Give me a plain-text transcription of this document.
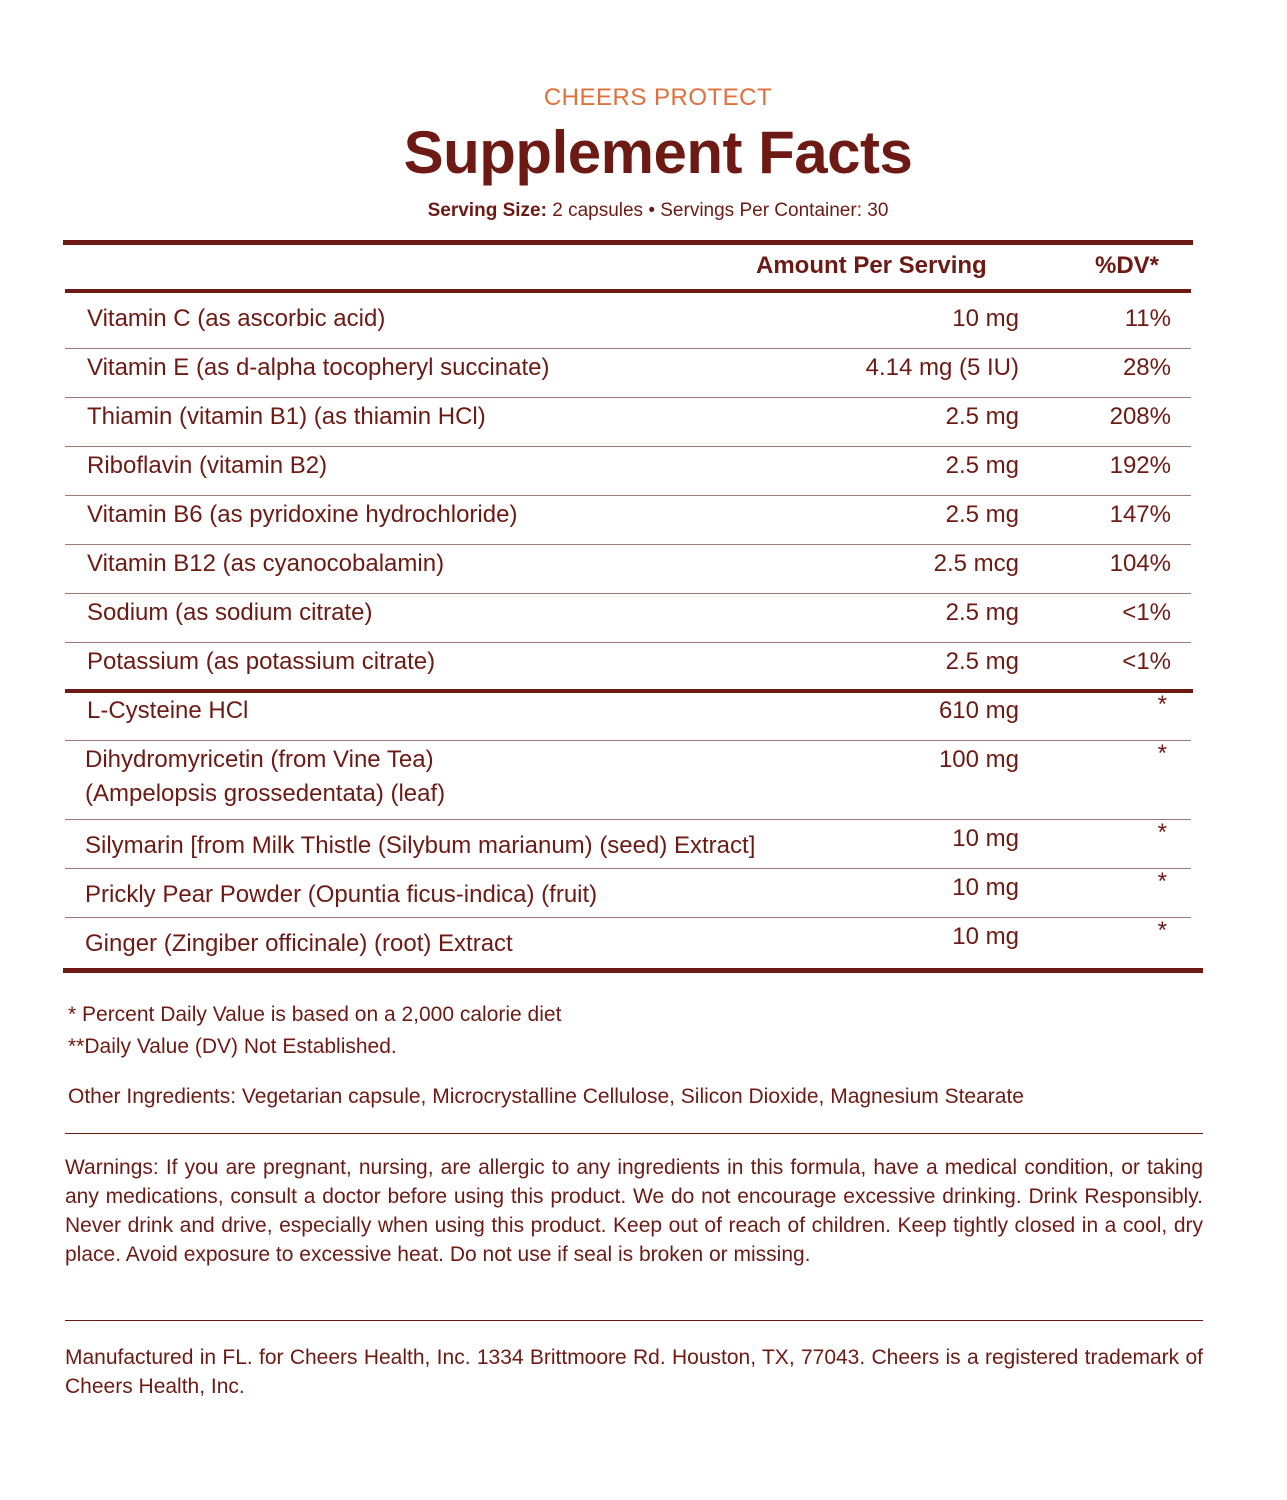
CHEERS PROTECT
Supplement Facts
Serving Size: 2 capsules • Servings Per Container: 30
Amount Per Serving	%DV*
Vitamin C (as ascorbic acid)	10 mg	11%
Vitamin E (as d-alpha tocopheryl succinate)	4.14 mg (5 IU)	28%
Thiamin (vitamin B1) (as thiamin HCl)	2.5 mg	208%
Riboflavin (vitamin B2)	2.5 mg	192%
Vitamin B6 (as pyridoxine hydrochloride)	2.5 mg	147%
Vitamin B12 (as cyanocobalamin)	2.5 mcg	104%
Sodium (as sodium citrate)	2.5 mg	<1%
Potassium (as potassium citrate)	2.5 mg	<1%
L-Cysteine HCl	610 mg	*
Dihydromyricetin (from Vine Tea)
(Ampelopsis grossedentata) (leaf)
100 mg	*
Silymarin [from Milk Thistle (Silybum marianum) (seed) Extract]	10 mg	*
Prickly Pear Powder (Opuntia ficus-indica) (fruit)	10 mg	*
Ginger (Zingiber officinale) (root) Extract	10 mg	*
* Percent Daily Value is based on a 2,000 calorie diet
**Daily Value (DV) Not Established.
Other Ingredients: Vegetarian capsule, Microcrystalline Cellulose, Silicon Dioxide, Magnesium Stearate
Warnings: If you are pregnant, nursing, are allergic to any ingredients in this formula, have a medical condition, or taking any medications, consult a doctor before using this product. We do not encourage excessive drinking. Drink Responsibly. Never drink and drive, especially when using this product. Keep out of reach of children. Keep tightly closed in a cool, dry place. Avoid exposure to excessive heat. Do not use if seal is broken or missing.
Manufactured in FL. for Cheers Health, Inc. 1334 Brittmoore Rd. Houston, TX, 77043. Cheers is a registered trademark of Cheers Health, Inc.
